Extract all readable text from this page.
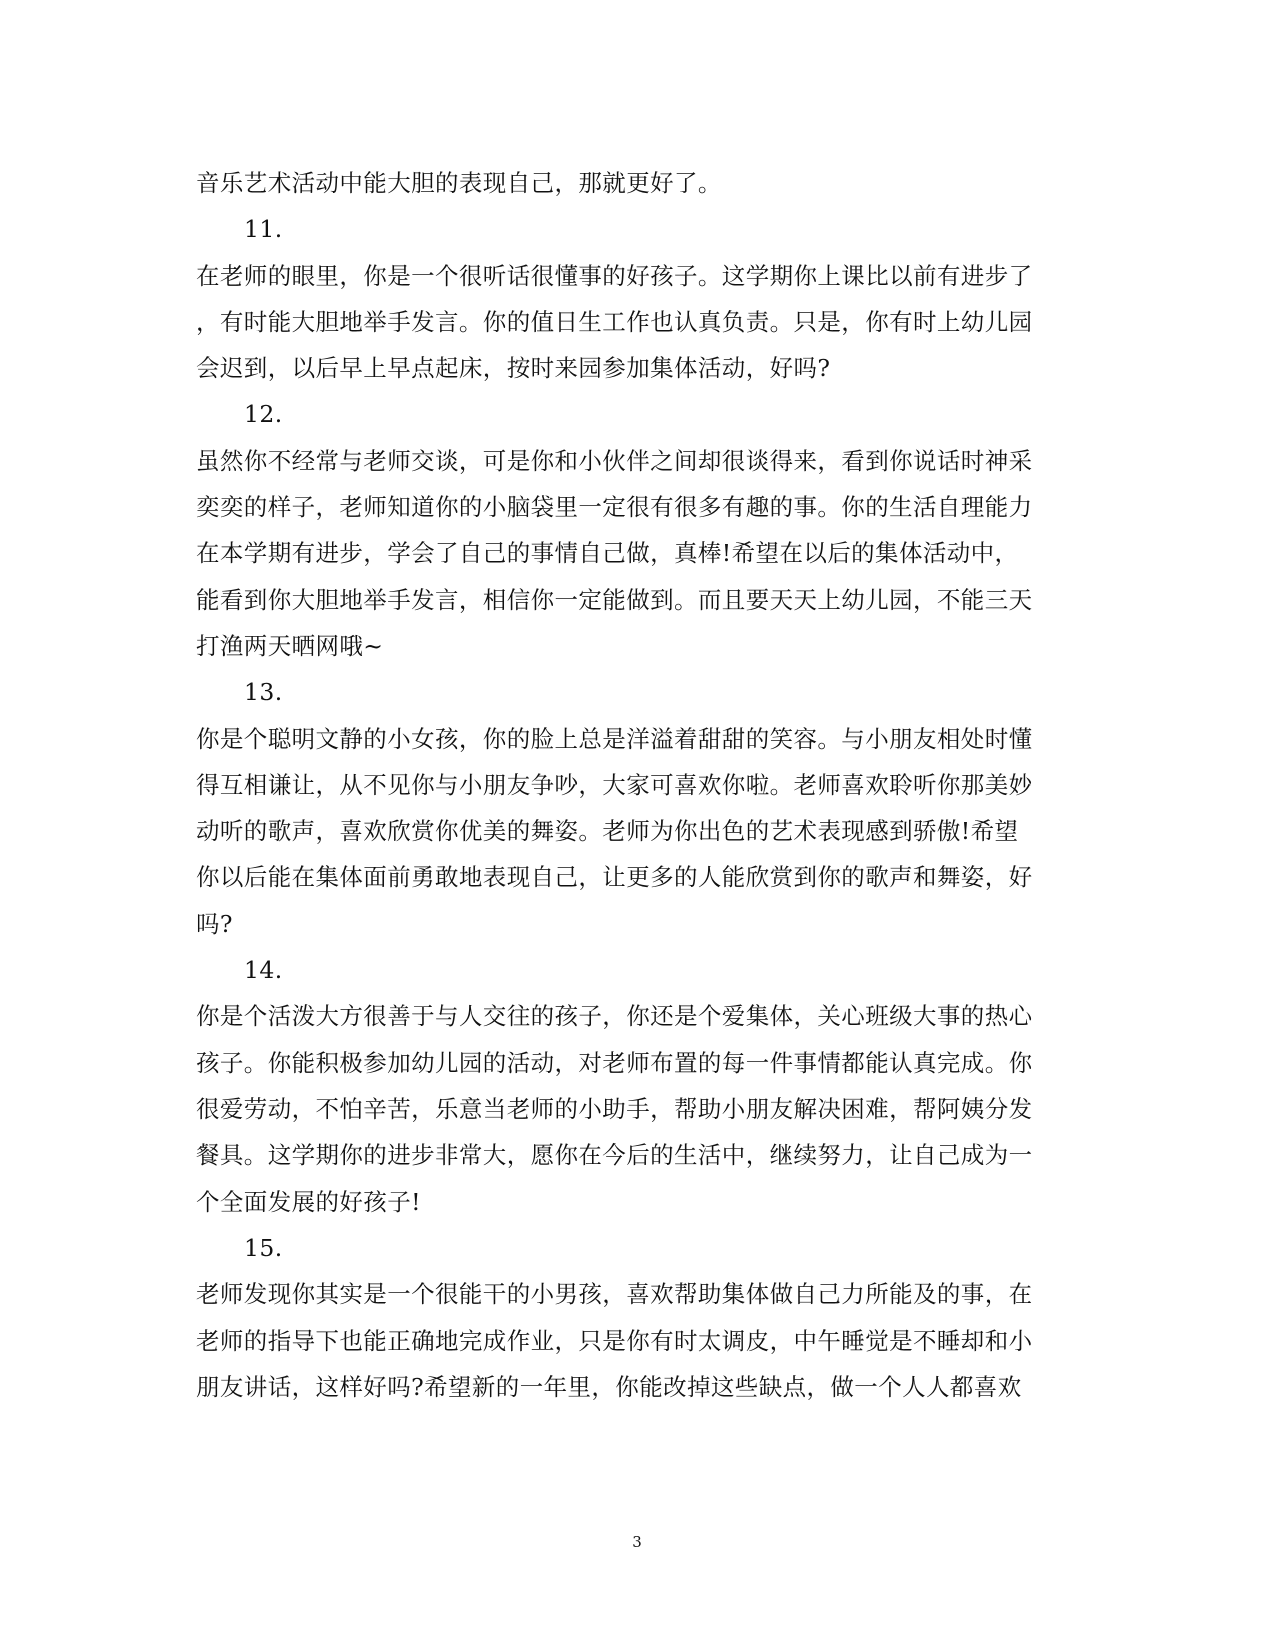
音乐艺术活动中能大胆的表现自己，那就更好了。
11.
在老师的眼里，你是一个很听话很懂事的好孩子。这学期你上课比以前有进步了
，有时能大胆地举手发言。你的值日生工作也认真负责。只是，你有时上幼儿园
会迟到，以后早上早点起床，按时来园参加集体活动，好吗?
12.
虽然你不经常与老师交谈，可是你和小伙伴之间却很谈得来，看到你说话时神采
奕奕的样子，老师知道你的小脑袋里一定很有很多有趣的事。你的生活自理能力
在本学期有进步，学会了自己的事情自己做，真棒!希望在以后的集体活动中，
能看到你大胆地举手发言，相信你一定能做到。而且要天天上幼儿园，不能三天
打渔两天晒网哦~
13.
你是个聪明文静的小女孩，你的脸上总是洋溢着甜甜的笑容。与小朋友相处时懂
得互相谦让，从不见你与小朋友争吵，大家可喜欢你啦。老师喜欢聆听你那美妙
动听的歌声，喜欢欣赏你优美的舞姿。老师为你出色的艺术表现感到骄傲!希望
你以后能在集体面前勇敢地表现自己，让更多的人能欣赏到你的歌声和舞姿，好
吗?
14.
你是个活泼大方很善于与人交往的孩子，你还是个爱集体，关心班级大事的热心
孩子。你能积极参加幼儿园的活动，对老师布置的每一件事情都能认真完成。你
很爱劳动，不怕辛苦，乐意当老师的小助手，帮助小朋友解决困难，帮阿姨分发
餐具。这学期你的进步非常大，愿你在今后的生活中，继续努力，让自己成为一
个全面发展的好孩子!
15.
老师发现你其实是一个很能干的小男孩，喜欢帮助集体做自己力所能及的事，在
老师的指导下也能正确地完成作业，只是你有时太调皮，中午睡觉是不睡却和小
朋友讲话，这样好吗?希望新的一年里，你能改掉这些缺点，做一个人人都喜欢
3
